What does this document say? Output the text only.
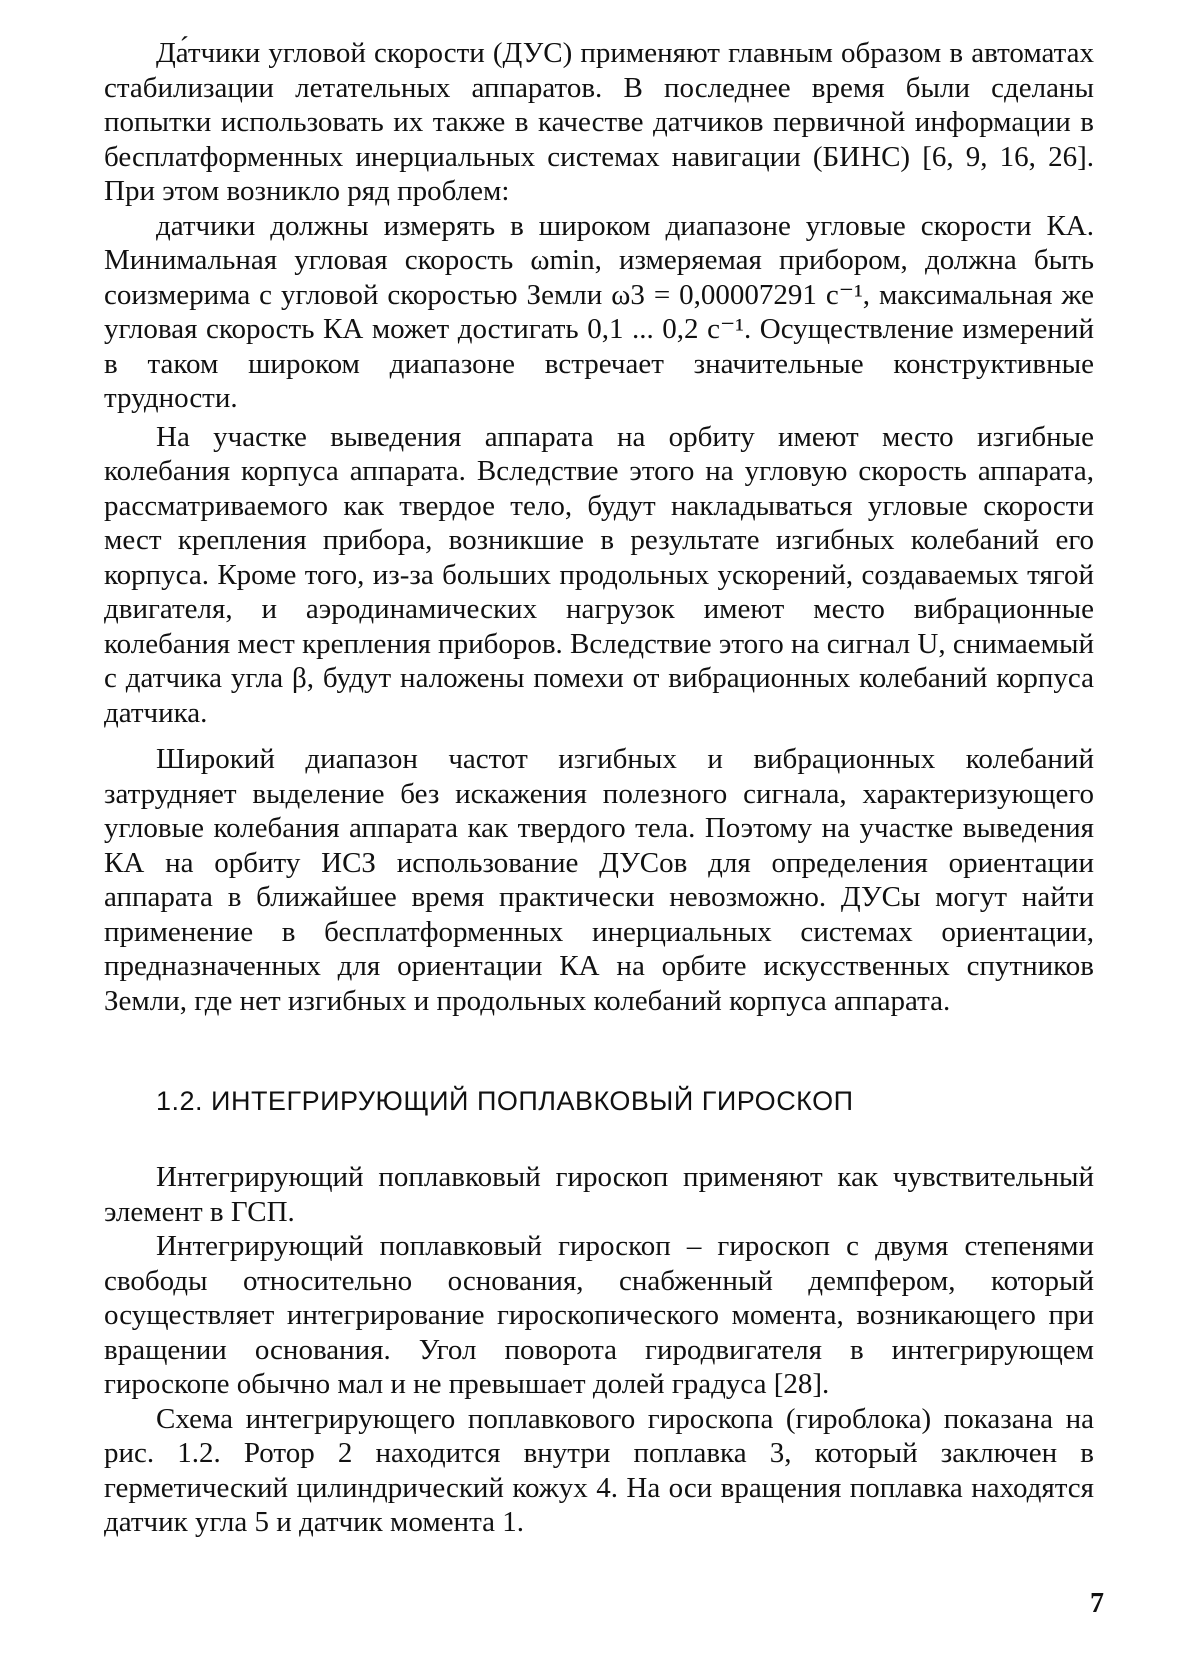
Да́тчики угловой скорости (ДУС) применяют главным образом в автоматах стабилизации летательных аппаратов. В последнее время были сделаны попытки использовать их также в качестве датчиков первичной информации в бесплатформенных инерциальных системах навигации (БИНС) [6, 9, 16, 26]. При этом возникло ряд проблем:

датчики должны измерять в широком диапазоне угловые скорости КА. Минимальная угловая скорость ωmin, измеряемая прибором, должна быть соизмерима с угловой скоростью Земли ω3 = 0,00007291 с⁻¹, максимальная же угловая скорость КА может достигать 0,1 ... 0,2 с⁻¹. Осуществление измерений в таком широком диапазоне встречает значительные конструктивные трудности.

На участке выведения аппарата на орбиту имеют место изгибные колебания корпуса аппарата. Вследствие этого на угловую скорость аппарата, рассматриваемого как твердое тело, будут накладываться угловые скорости мест крепления прибора, возникшие в результате изгибных колебаний его корпуса. Кроме того, из-за больших продольных ускорений, создаваемых тягой двигателя, и аэродинамических нагрузок имеют место вибрационные колебания мест крепления приборов. Вследствие этого на сигнал U, снимаемый с датчика угла β, будут наложены помехи от вибрационных колебаний корпуса датчика.

Широкий диапазон частот изгибных и вибрационных колебаний затрудняет выделение без искажения полезного сигнала, характеризующего угловые колебания аппарата как твердого тела. Поэтому на участке выведения КА на орбиту ИСЗ использование ДУСов для определения ориентации аппарата в ближайшее время практически невозможно. ДУСы могут найти применение в бесплатформенных инерциальных системах ориентации, предназначенных для ориентации КА на орбите искусственных спутников Земли, где нет изгибных и продольных колебаний корпуса аппарата.

1.2. ИНТЕГРИРУЮЩИЙ ПОПЛАВКОВЫЙ ГИРОСКОП

Интегрирующий поплавковый гироскоп применяют как чувствительный элемент в ГСП.

Интегрирующий поплавковый гироскоп – гироскоп с двумя степенями свободы относительно основания, снабженный демпфером, который осуществляет интегрирование гироскопического момента, возникающего при вращении основания. Угол поворота гиродвигателя в интегрирующем гироскопе обычно мал и не превышает долей градуса [28].

Схема интегрирующего поплавкового гироскопа (гироблока) показана на рис. 1.2. Ротор 2 находится внутри поплавка 3, который заключен в герметический цилиндрический кожух 4. На оси вращения поплавка находятся датчик угла 5 и датчик момента 1.

7
